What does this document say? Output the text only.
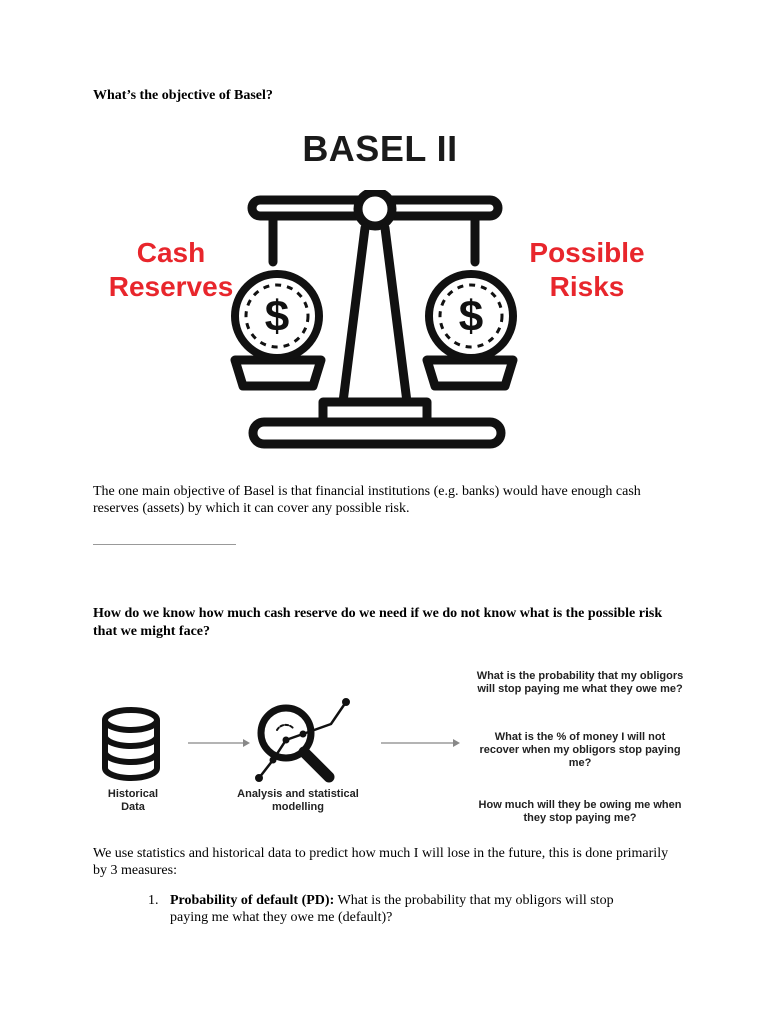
What’s the objective of Basel?
BASEL II
Cash Reserves
Possible Risks
$	$
The one main objective of Basel is that financial institutions (e.g. banks) would have enough cash reserves (assets) by which it can cover any possible risk.
How do we know how much cash reserve do we need if we do not know what is the possible risk that we might face?
Historical Data
Analysis and statistical modelling
What is the probability that my obligors will stop paying me what they owe me?
What is the % of money I will not recover when my obligors stop paying me?
How much will they be owing me when they stop paying me?
We use statistics and historical data to predict how much I will lose in the future, this is done primarily by 3 measures:
1. Probability of default (PD): What is the probability that my obligors will stop paying me what they owe me (default)?
